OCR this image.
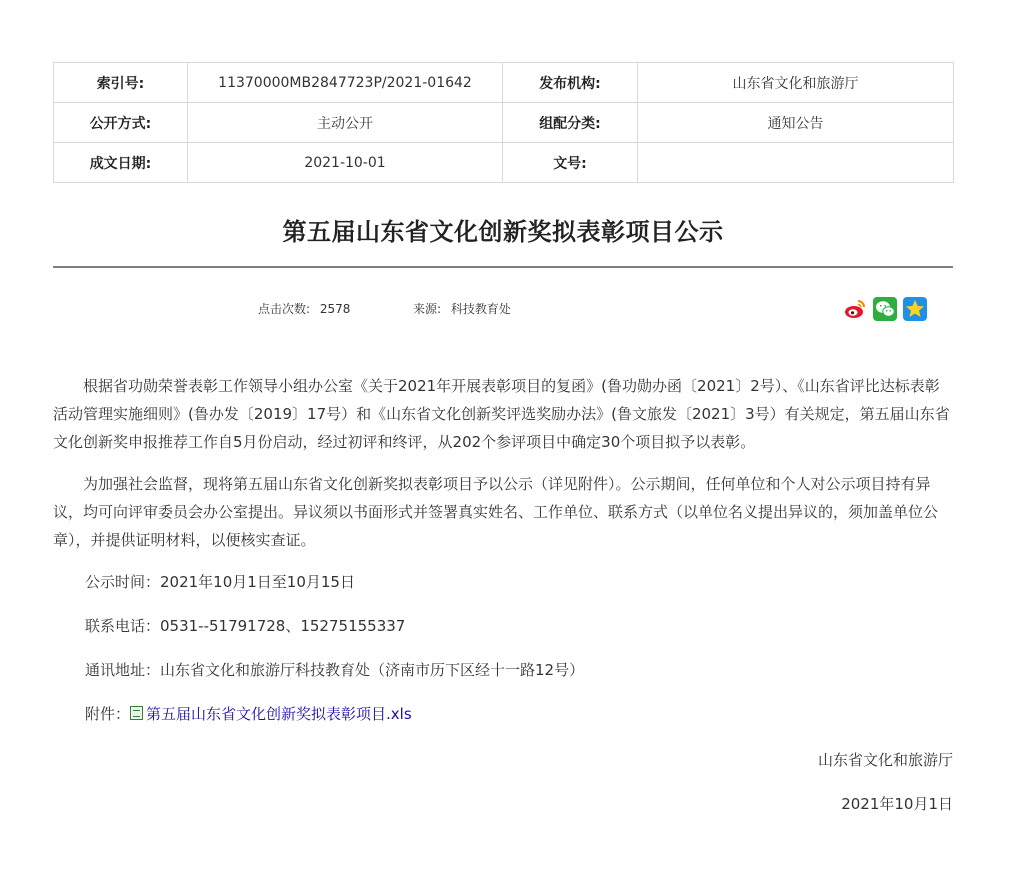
索引号:	11370000MB2847723P/2021-01642	发布机构:	山东省文化和旅游厅
公开方式:	主动公开	组配分类:	通知公告
成文日期:	2021-10-01	文号:	
第五届山东省文化创新奖拟表彰项目公示
点击次数: 2578	来源: 科技教育处

根据省功勋荣誉表彰工作领导小组办公室《关于2021年开展表彰项目的复函》(鲁功勋办函〔2021〕2号）、《山东省评比达标表彰活动管理实施细则》(鲁办发〔2019〕17号）和《山东省文化创新奖评选奖励办法》(鲁文旅发〔2021〕3号）有关规定，第五届山东省文化创新奖申报推荐工作自5月份启动，经过初评和终评，从202个参评项目中确定30个项目拟予以表彰。

为加强社会监督，现将第五届山东省文化创新奖拟表彰项目予以公示（详见附件）。公示期间，任何单位和个人对公示项目持有异议，均可向评审委员会办公室提出。异议须以书面形式并签署真实姓名、工作单位、联系方式（以单位名义提出异议的，须加盖单位公章），并提供证明材料，以便核实查证。

公示时间：2021年10月1日至10月15日

联系电话：0531--51791728、15275155337

通讯地址：山东省文化和旅游厅科技教育处（济南市历下区经十一路12号）

附件： 第五届山东省文化创新奖拟表彰项目.xls

山东省文化和旅游厅

2021年10月1日
